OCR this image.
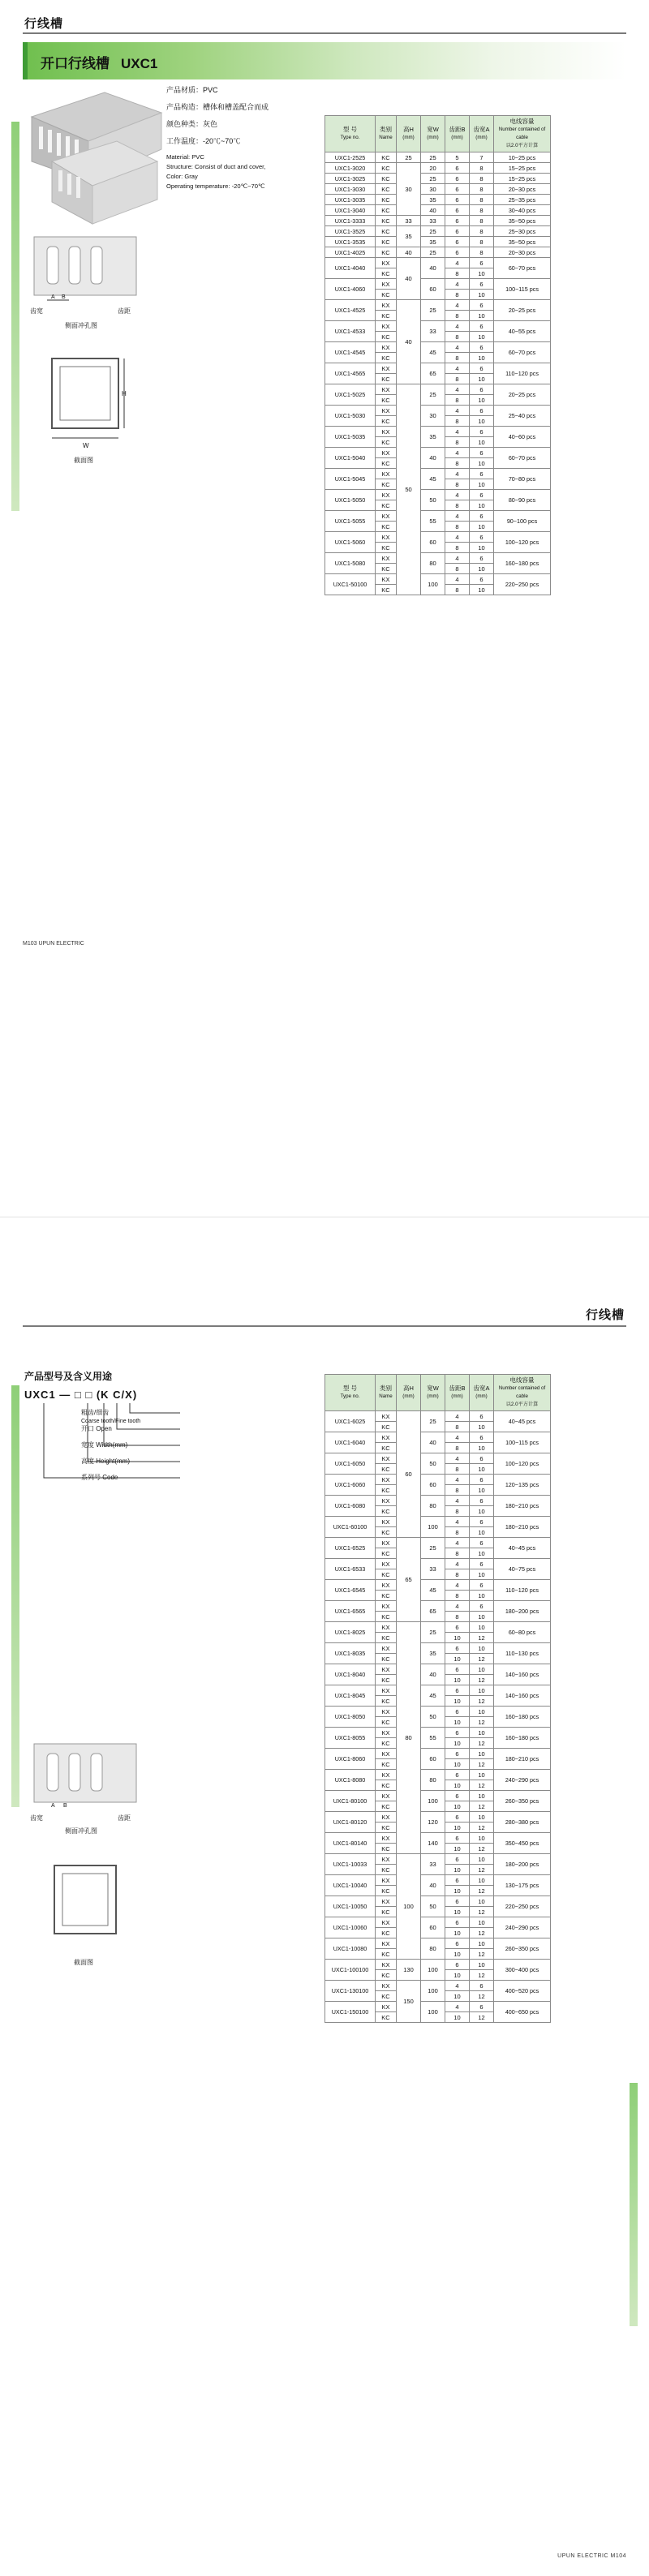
行线槽
开口行线槽 UXC1
产品材质：PVC
产品构造：槽体和槽盖配合而成
颜色种类：灰色
工作温度：-20℃~70℃
Material: PVC
Structure: Consist of duct and cover,
Color: Gray
Operating temperature: -20℃~70℃
A B
齿宽	齿距
侧面冲孔图
H
W
截面图
型 号
Type no.	类别
Name	高H
(mm)	宽W
(mm)	齿距B
(mm)	齿宽A
(mm)	电线容量
Number contained of cable
以2.0平方计算

UXC1-2525	KC	25	25	5	7	10~25 pcs
UXC1-3020	KC	30	20	6	8	15~25 pcs
UXC1-3025	KC		25	6	8	15~25 pcs
UXC1-3030	KC		30	6	8	20~30 pcs
UXC1-3035	KC		35	6	8	25~35 pcs
UXC1-3040	KC		40	6	8	30~40 pcs
UXC1-3333	KC	33	33	6	8	35~50 pcs
UXC1-3525	KC	35	25	6	8	25~30 pcs
UXC1-3535	KC		35	6	8	35~50 pcs
UXC1-4025	KC	40	25	6	8	20~30 pcs
UXC1-4040	KX	40	40	4	6	60~70 pcs
	KC			8	10	
UXC1-4060	KX		60	4	6	100~115 pcs
	KC			8	10	
UXC1-4525	KX	40	25	4	6	20~25 pcs
	KC			8	10	
UXC1-4533	KX		33	4	6	40~55 pcs
	KC			8	10	
UXC1-4545	KX		45	4	6	60~70 pcs
	KC			8	10	
UXC1-4565	KX		65	4	6	110~120 pcs
	KC			8	10	
UXC1-5025	KX	50	25	4	6	20~25 pcs
	KC			8	10	
UXC1-5030	KX		30	4	6	25~40 pcs
	KC			8	10	
UXC1-5035	KX		35	4	6	40~60 pcs
	KC			8	10	
UXC1-5040	KX		40	4	6	60~70 pcs
	KC			8	10	
UXC1-5045	KX		45	4	6	70~80 pcs
	KC			8	10	
UXC1-5050	KX		50	4	6	80~90 pcs
	KC			8	10	
UXC1-5055	KX		55	4	6	90~100 pcs
	KC			8	10	
UXC1-5060	KX		60	4	6	100~120 pcs
	KC			8	10	
UXC1-5080	KX		80	4	6	160~180 pcs
	KC			8	10	
UXC1-50100	KX		100	4	6	220~250 pcs
	KC			8	10	
M103 UPUN ELECTRIC
行线槽
产品型号及含义用途
UXC1 — □ □ (K C/X)
粗齿/细齿
Coarse tooth/Fine tooth
开口 Open
宽度 Width(mm)
高度 Height(mm)
系列号 Code
A B
齿宽	齿距
侧面冲孔图
截面图
型 号
Type no.	类别
Name	高H
(mm)	宽W
(mm)	齿距B
(mm)	齿宽A
(mm)	电线容量
Number contained of cable
以2.0平方计算

UXC1-6025	KX	60	25	4	6	40~45 pcs
	KC			8	10	
UXC1-6040	KX		40	4	6	100~115 pcs
	KC			8	10	
UXC1-6050	KX		50	4	6	100~120 pcs
	KC			8	10	
UXC1-6060	KX		60	4	6	120~135 pcs
	KC			8	10	
UXC1-6080	KX		80	4	6	180~210 pcs
	KC			8	10	
UXC1-60100	KX		100	4	6	180~210 pcs
	KC			8	10	
UXC1-6525	KX	65	25	4	6	40~45 pcs
	KC			8	10	
UXC1-6533	KX		33	4	6	40~75 pcs
	KC			8	10	
UXC1-6545	KX		45	4	6	110~120 pcs
	KC			8	10	
UXC1-6565	KX		65	4	6	180~200 pcs
	KC			8	10	
UXC1-8025	KX	80	25	6	10	60~80 pcs
	KC			10	12	
UXC1-8035	KX		35	6	10	110~130 pcs
	KC			10	12	
UXC1-8040	KX		40	6	10	140~160 pcs
	KC			10	12	
UXC1-8045	KX		45	6	10	140~160 pcs
	KC			10	12	
UXC1-8050	KX		50	6	10	160~180 pcs
	KC			10	12	
UXC1-8055	KX		55	6	10	160~180 pcs
	KC			10	12	
UXC1-8060	KX		60	6	10	180~210 pcs
	KC			10	12	
UXC1-8080	KX		80	6	10	240~290 pcs
	KC			10	12	
UXC1-80100	KX		100	6	10	260~350 pcs
	KC			10	12	
UXC1-80120	KX		120	6	10	280~380 pcs
	KC			10	12	
UXC1-80140	KX		140	6	10	350~450 pcs
	KC			10	12	
UXC1-10033	KX	100	33	6	10	180~200 pcs
	KC			10	12	
UXC1-10040	KX		40	6	10	130~175 pcs
	KC			10	12	
UXC1-10050	KX		50	6	10	220~250 pcs
	KC			10	12	
UXC1-10060	KX		60	6	10	240~290 pcs
	KC			10	12	
UXC1-10080	KX		80	6	10	260~350 pcs
	KC			10	12	
UXC1-100100	KX	130	100	6	10	300~400 pcs
	KC			10	12	
UXC1-130100	KX	150	100	4	6	400~520 pcs
	KC			10	12	
UXC1-150100	KX		100	4	6	400~650 pcs
	KC			10	12	
UPUN ELECTRIC M104
